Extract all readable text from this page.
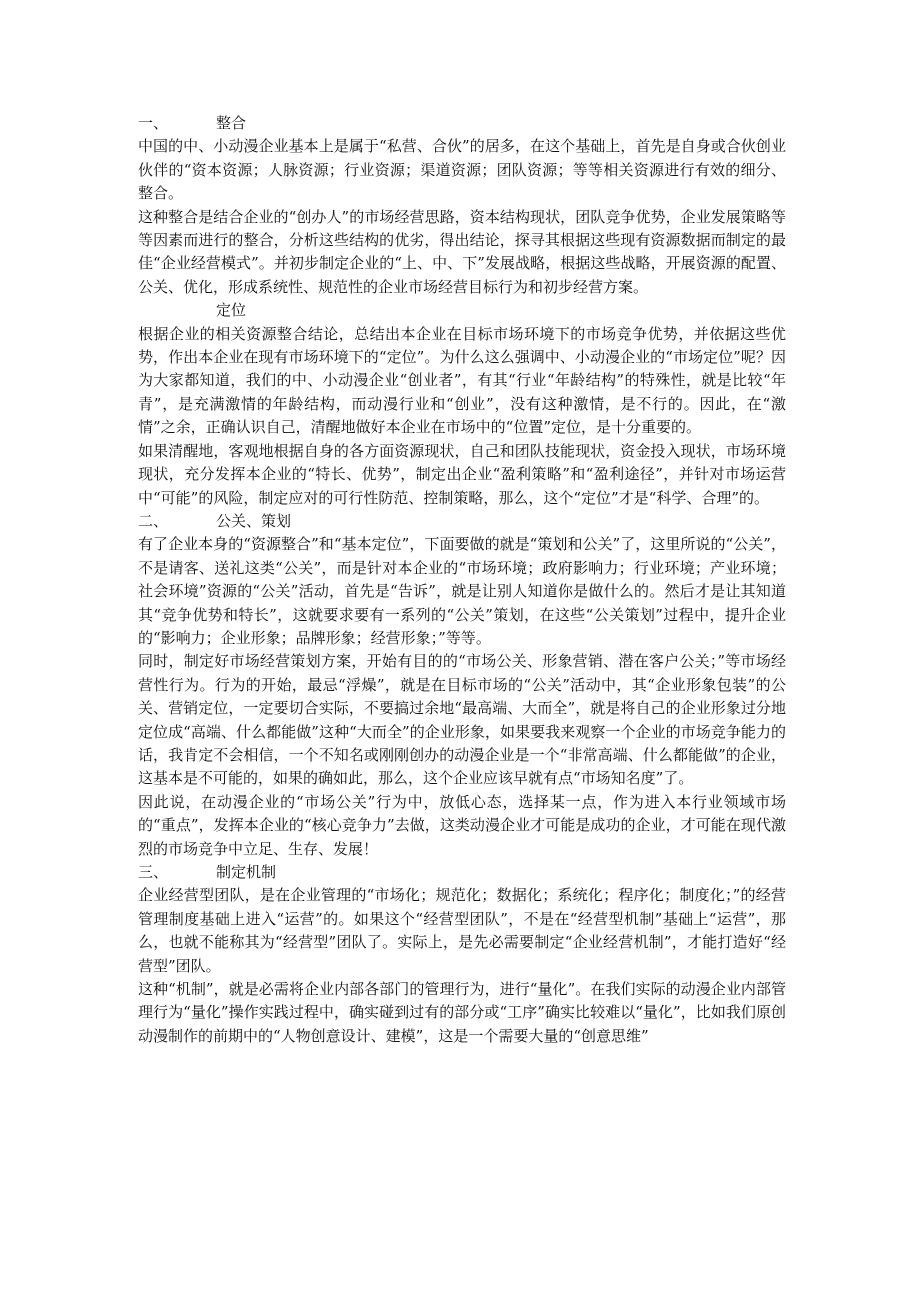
一、	整合

中国的中、小动漫企业基本上是属于“私营、合伙”的居多，在这个基础上，首先是自身或合伙创业伙伴的“资本资源；人脉资源；行业资源；渠道资源；团队资源；等等相关资源进行有效的细分、整合。

这种整合是结合企业的“创办人”的市场经营思路，资本结构现状，团队竞争优势，企业发展策略等等因素而进行的整合，分析这些结构的优劣，得出结论，探寻其根据这些现有资源数据而制定的最佳“企业经营模式”。并初步制定企业的“上、中、下”发展战略，根据这些战略，开展资源的配置、公关、优化，形成系统性、规范性的企业市场经营目标行为和初步经营方案。

定位

根据企业的相关资源整合结论，总结出本企业在目标市场环境下的市场竞争优势，并依据这些优势，作出本企业在现有市场环境下的“定位”。为什么这么强调中、小动漫企业的“市场定位”呢？因为大家都知道，我们的中、小动漫企业“创业者”，有其“行业“年龄结构”的特殊性，就是比较“年青”，是充满激情的年龄结构，而动漫行业和“创业”，没有这种激情，是不行的。因此，在“激情”之余，正确认识自己，清醒地做好本企业在市场中的“位置”定位，是十分重要的。

如果清醒地，客观地根据自身的各方面资源现状，自己和团队技能现状，资金投入现状，市场环境现状，充分发挥本企业的“特长、优势”，制定出企业“盈利策略”和“盈利途径”，并针对市场运营中“可能”的风险，制定应对的可行性防范、控制策略，那么，这个“定位”才是“科学、合理”的。

二、	公关、策划

有了企业本身的“资源整合”和“基本定位”，下面要做的就是“策划和公关”了，这里所说的“公关”，不是请客、送礼这类“公关”，而是针对本企业的“市场环境；政府影响力；行业环境；产业环境；社会环境”资源的“公关”活动，首先是“告诉”，就是让别人知道你是做什么的。然后才是让其知道其“竞争优势和特长”，这就要求要有一系列的“公关”策划，在这些“公关策划”过程中，提升企业的“影响力；企业形象；品牌形象；经营形象；”等等。

同时，制定好市场经营策划方案，开始有目的的“市场公关、形象营销、潜在客户公关；”等市场经营性行为。行为的开始，最忌“浮燥”，就是在目标市场的“公关”活动中，其“企业形象包装”的公关、营销定位，一定要切合实际，不要搞过余地“最高端、大而全”，就是将自己的企业形象过分地定位成“高端、什么都能做”这种“大而全”的企业形象，如果要我来观察一个企业的市场竞争能力的话，我肯定不会相信，一个不知名或刚刚创办的动漫企业是一个“非常高端、什么都能做”的企业，这基本是不可能的，如果的确如此，那么，这个企业应该早就有点“市场知名度”了。

因此说，在动漫企业的“市场公关”行为中，放低心态，选择某一点，作为进入本行业领域市场的“重点”，发挥本企业的“核心竞争力”去做，这类动漫企业才可能是成功的企业，才可能在现代激烈的市场竞争中立足、生存、发展！

三、	制定机制

企业经营型团队，是在企业管理的“市场化；规范化；数据化；系统化；程序化；制度化；”的经营管理制度基础上进入“运营”的。如果这个“经营型团队”，不是在“经营型机制”基础上“运营”，那么，也就不能称其为“经营型”团队了。实际上，是先必需要制定“企业经营机制”，才能打造好“经营型”团队。

这种“机制”，就是必需将企业内部各部门的管理行为，进行“量化”。在我们实际的动漫企业内部管理行为“量化”操作实践过程中，确实碰到过有的部分或“工序”确实比较难以“量化”，比如我们原创动漫制作的前期中的“人物创意设计、建模”，这是一个需要大量的“创意思维”
